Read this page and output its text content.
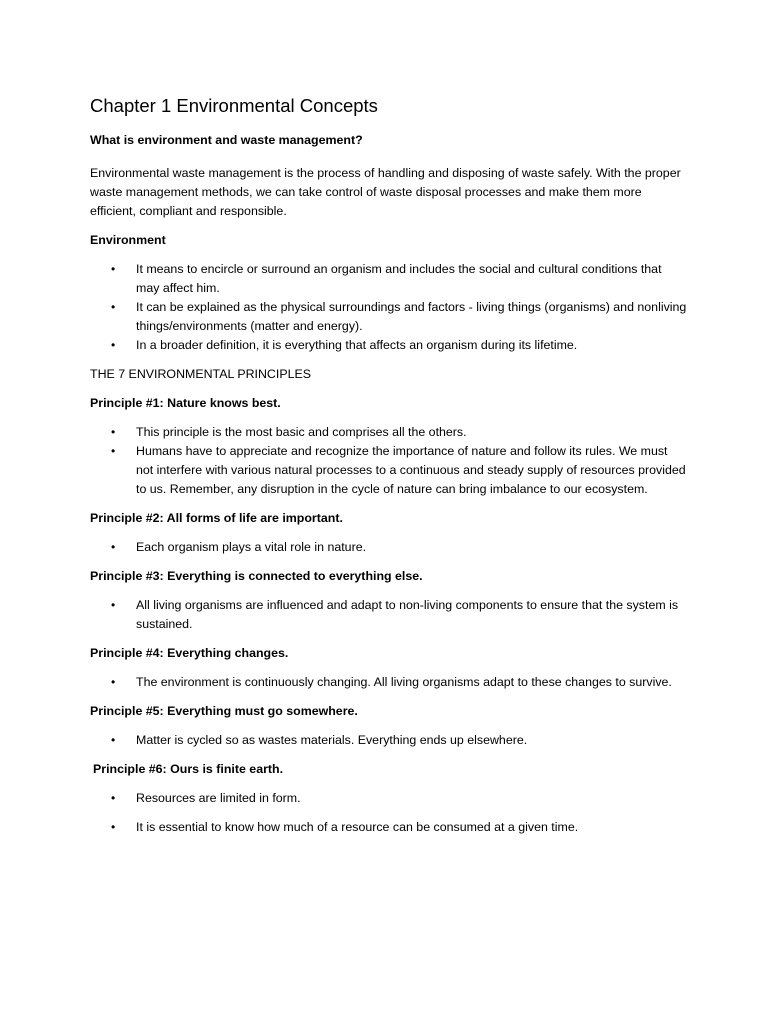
Chapter 1 Environmental Concepts

What is environment and waste management?

Environmental waste management is the process of handling and disposing of waste safely. With the proper waste management methods, we can take control of waste disposal processes and make them more efficient, compliant and responsible.

Environment

• It means to encircle or surround an organism and includes the social and cultural conditions that may affect him.
• It can be explained as the physical surroundings and factors - living things (organisms) and nonliving things/environments (matter and energy).
• In a broader definition, it is everything that affects an organism during its lifetime.

THE 7 ENVIRONMENTAL PRINCIPLES

Principle #1: Nature knows best.

• This principle is the most basic and comprises all the others.
• Humans have to appreciate and recognize the importance of nature and follow its rules. We must not interfere with various natural processes to a continuous and steady supply of resources provided to us. Remember, any disruption in the cycle of nature can bring imbalance to our ecosystem.

Principle #2: All forms of life are important.

• Each organism plays a vital role in nature.

Principle #3: Everything is connected to everything else.

• All living organisms are influenced and adapt to non-living components to ensure that the system is sustained.

Principle #4: Everything changes.

• The environment is continuously changing. All living organisms adapt to these changes to survive.

Principle #5: Everything must go somewhere.

• Matter is cycled so as wastes materials. Everything ends up elsewhere.

Principle #6: Ours is finite earth.

• Resources are limited in form.
• It is essential to know how much of a resource can be consumed at a given time.
